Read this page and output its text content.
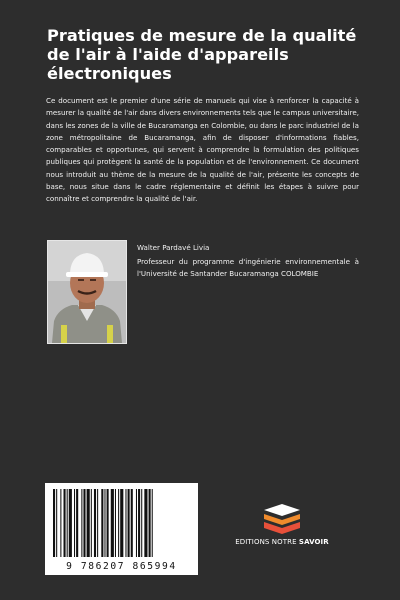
Pratiques de mesure de la qualité de l'air à l'aide d'appareils électroniques
Ce document est le premier d'une série de manuels qui vise à renforcer la capacité à mesurer la qualité de l'air dans divers environnements tels que le campus universitaire, dans les zones de la ville de Bucaramanga en Colombie, ou dans le parc industriel de la zone métropolitaine de Bucaramanga, afin de disposer d'informations fiables, comparables et opportunes, qui servent à comprendre la formulation des politiques publiques qui protègent la santé de la population et de l'environnement. Ce document nous introduit au thème de la mesure de la qualité de l'air, présente les concepts de base, nous situe dans le cadre réglementaire et définit les étapes à suivre pour connaître et comprendre la qualité de l'air.
Walter Pardavé Livia
Professeur du programme d'ingénierie environnementale à l'Université de Santander Bucaramanga COLOMBIE
9 786207 865994
EDITIONS NOTRE SAVOIR
